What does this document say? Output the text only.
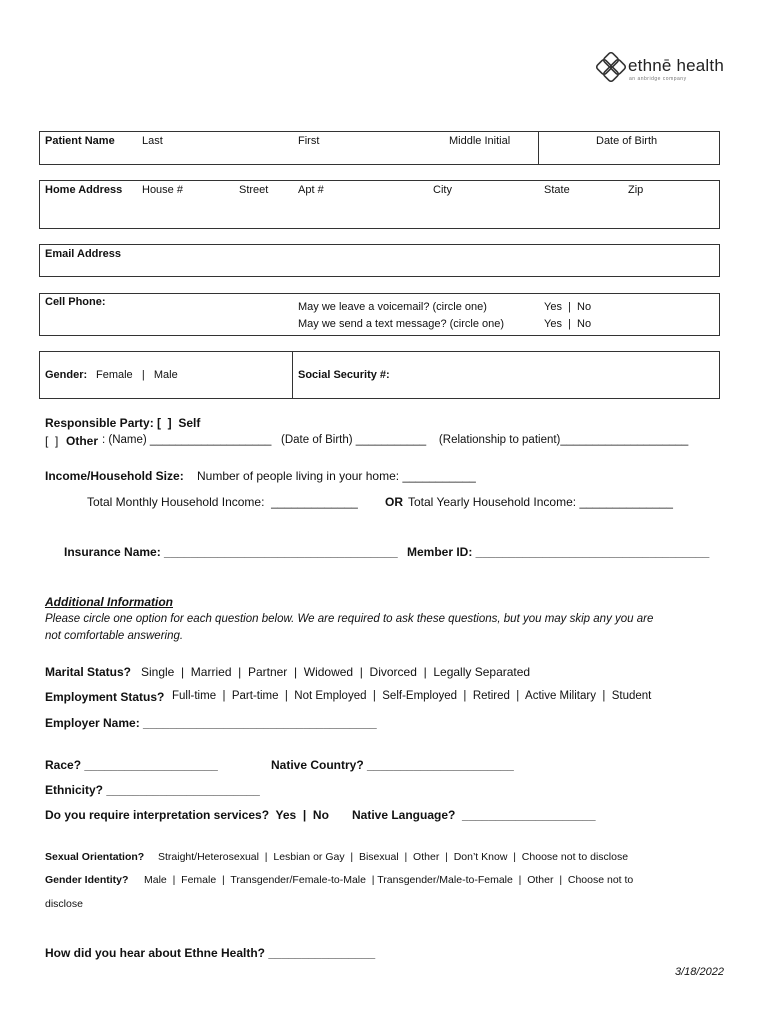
ethnē health
an anbridge company
Patient Name Last	First	Middle Initial	Date of Birth
Home Address House #	Street	Apt #	City	State	Zip
Email Address
Cell Phone:	May we leave a voicemail? (circle one)	Yes  |  No
May we send a text message? (circle one)	Yes  |  No
Gender: Female   |   Male	Social Security #:
Responsible Party: [  ]  Self
[  ] Other : (Name) ___________________   (Date of Birth) ___________    (Relationship to patient)____________________
Income/Household Size: Number of people living in your home: ___________
Total Monthly Household Income:  _____________ OR Total Yearly Household Income: ______________
Insurance Name: ___________________________________ Member ID: ___________________________________
Additional Information
Please circle one option for each question below. We are required to ask these questions, but you may skip any you are
not comfortable answering.
Marital Status? Single  |  Married  |  Partner  |  Widowed  |  Divorced  |  Legally Separated
Employment Status? Full-time  |  Part-time  |  Not Employed  |  Self-Employed  |  Retired  |  Active Military  |  Student
Employer Name: ___________________________________
Race? ____________________	Native Country? ______________________
Ethnicity? _______________________
Do you require interpretation services?  Yes  |  No Native Language?  ____________________
Sexual Orientation? Straight/Heterosexual  |  Lesbian or Gay  |  Bisexual  |  Other  |  Don’t Know  |  Choose not to disclose
Gender Identity? Male  |  Female  |  Transgender/Female-to-Male  | Transgender/Male-to-Female  |  Other  |  Choose not to
disclose
How did you hear about Ethne Health? ________________
3/18/2022
